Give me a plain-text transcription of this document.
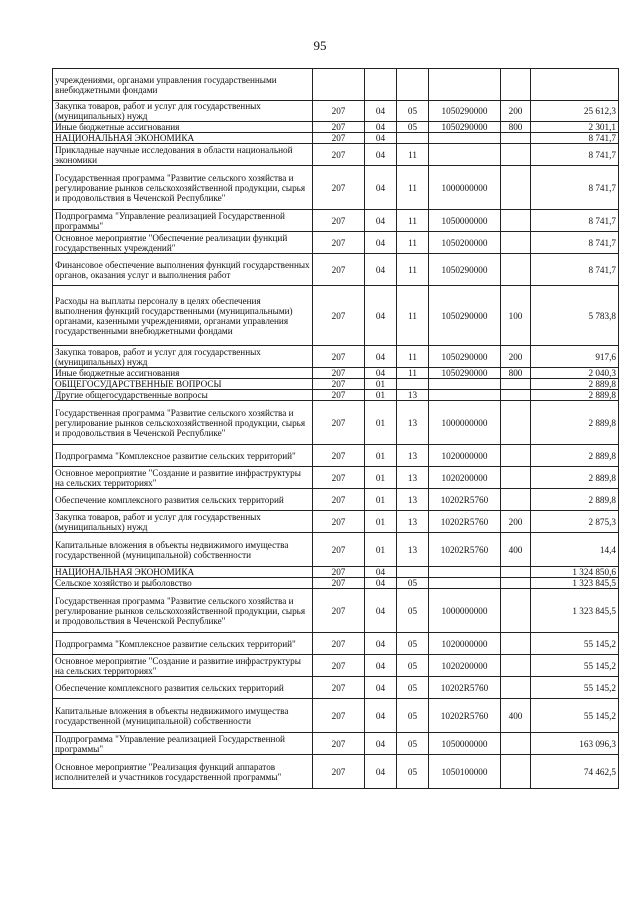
95
учреждениями, органами управления государственными внебюджетными фондами						
Закупка товаров, работ и услуг для государственных (муниципальных) нужд	207	04	05	1050290000	200	25 612,3
Иные бюджетные ассигнования	207	04	05	1050290000	800	2 301,1
НАЦИОНАЛЬНАЯ ЭКОНОМИКА	207	04				8 741,7
Прикладные научные исследования в области национальной экономики	207	04	11			8 741,7
Государственная программа "Развитие сельского хозяйства и регулирование рынков сельскохозяйственной продукции, сырья и продовольствия в Чеченской Республике"	207	04	11	1000000000		8 741,7
Подпрограмма "Управление реализацией Государственной программы"	207	04	11	1050000000		8 741,7
Основное мероприятие "Обеспечение реализации функций государственных учреждений"	207	04	11	1050200000		8 741,7
Финансовое обеспечение выполнения функций государственных органов, оказания услуг и выполнения работ	207	04	11	1050290000		8 741,7
Расходы на выплаты персоналу в целях обеспечения выполнения функций государственными (муниципальными) органами, казенными учреждениями, органами управления государственными внебюджетными фондами	207	04	11	1050290000	100	5 783,8
Закупка товаров, работ и услуг для государственных (муниципальных) нужд	207	04	11	1050290000	200	917,6
Иные бюджетные ассигнования	207	04	11	1050290000	800	2 040,3
ОБЩЕГОСУДАРСТВЕННЫЕ ВОПРОСЫ	207	01				2 889,8
Другие общегосударственные вопросы	207	01	13			2 889,8
Государственная программа "Развитие сельского хозяйства и регулирование рынков сельскохозяйственной продукции, сырья и продовольствия в Чеченской Республике"	207	01	13	1000000000		2 889,8
Подпрограмма "Комплексное развитие сельских территорий"	207	01	13	1020000000		2 889,8
Основное мероприятие "Создание и развитие инфраструктуры на сельских территориях"	207	01	13	1020200000		2 889,8
Обеспечение комплексного развития сельских территорий	207	01	13	10202R5760		2 889,8
Закупка товаров, работ и услуг для государственных (муниципальных) нужд	207	01	13	10202R5760	200	2 875,3
Капитальные вложения в объекты недвижимого имущества государственной (муниципальной) собственности	207	01	13	10202R5760	400	14,4
НАЦИОНАЛЬНАЯ ЭКОНОМИКА	207	04				1 324 850,6
Сельское хозяйство и рыболовство	207	04	05			1 323 845,5
Государственная программа "Развитие сельского хозяйства и регулирование рынков сельскохозяйственной продукции, сырья и продовольствия в Чеченской Республике"	207	04	05	1000000000		1 323 845,5
Подпрограмма "Комплексное развитие сельских территорий"	207	04	05	1020000000		55 145,2
Основное мероприятие "Создание и развитие инфраструктуры на сельских территориях"	207	04	05	1020200000		55 145,2
Обеспечение комплексного развития сельских территорий	207	04	05	10202R5760		55 145,2
Капитальные вложения в объекты недвижимого имущества государственной (муниципальной) собственности	207	04	05	10202R5760	400	55 145,2
Подпрограмма "Управление реализацией Государственной программы"	207	04	05	1050000000		163 096,3
Основное мероприятие "Реализация функций аппаратов исполнителей и участников государственной программы"	207	04	05	1050100000		74 462,5
